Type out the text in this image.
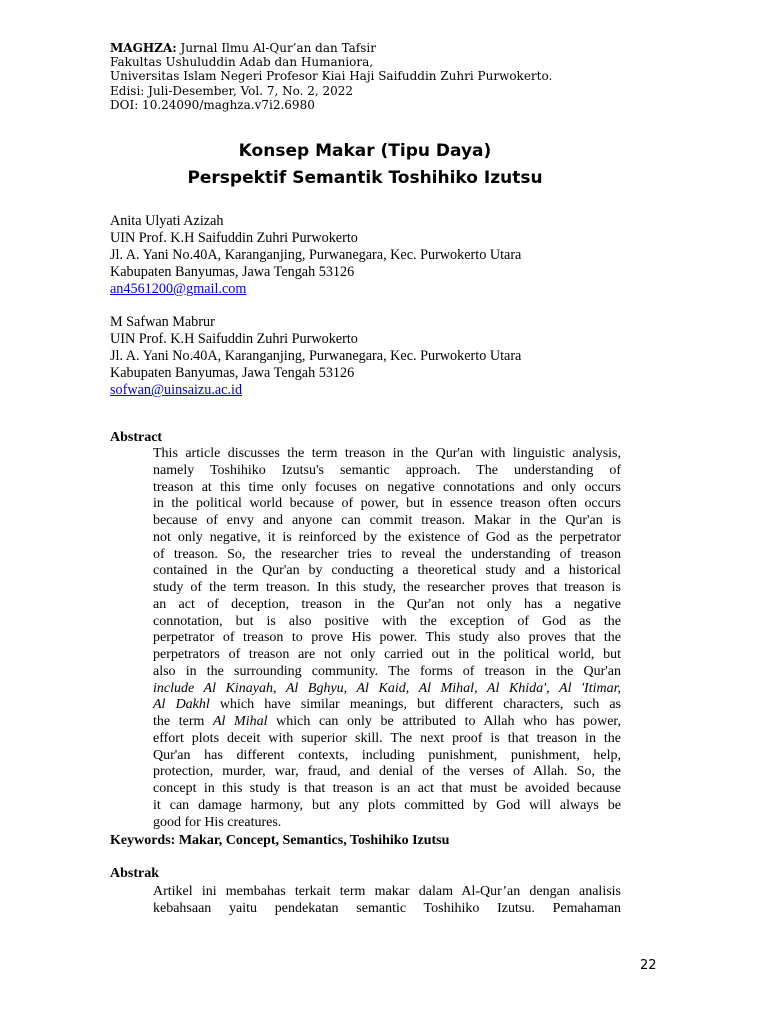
MAGHZA: Jurnal Ilmu Al-Qur’an dan Tafsir
Fakultas Ushuluddin Adab dan Humaniora,
Universitas Islam Negeri Profesor Kiai Haji Saifuddin Zuhri Purwokerto.
Edisi: Juli-Desember, Vol. 7, No. 2, 2022
DOI: 10.24090/maghza.v7i2.6980
Konsep Makar (Tipu Daya)
Perspektif Semantik Toshihiko Izutsu
Anita Ulyati Azizah
UIN Prof. K.H Saifuddin Zuhri Purwokerto
Jl. A. Yani No.40A, Karanganjing, Purwanegara, Kec. Purwokerto Utara
Kabupaten Banyumas, Jawa Tengah 53126
an4561200@gmail.com
M Safwan Mabrur
UIN Prof. K.H Saifuddin Zuhri Purwokerto
Jl. A. Yani No.40A, Karanganjing, Purwanegara, Kec. Purwokerto Utara
Kabupaten Banyumas, Jawa Tengah 53126
sofwan@uinsaizu.ac.id
Abstract
This article discusses the term treason in the Qur'an with linguistic analysis,
namely Toshihiko Izutsu's semantic approach. The understanding of
treason at this time only focuses on negative connotations and only occurs
in the political world because of power, but in essence treason often occurs
because of envy and anyone can commit treason. Makar in the Qur'an is
not only negative, it is reinforced by the existence of God as the perpetrator
of treason. So, the researcher tries to reveal the understanding of treason
contained in the Qur'an by conducting a theoretical study and a historical
study of the term treason. In this study, the researcher proves that treason is
an act of deception, treason in the Qur'an not only has a negative
connotation, but is also positive with the exception of God as the
perpetrator of treason to prove His power. This study also proves that the
perpetrators of treason are not only carried out in the political world, but
also in the surrounding community. The forms of treason in the Qur'an
include Al Kinayah, Al Bghyu, Al Kaid, Al Mihal, Al Khida', Al 'Itimar,
Al Dakhl which have similar meanings, but different characters, such as
the term Al Mihal which can only be attributed to Allah who has power,
effort plots deceit with superior skill. The next proof is that treason in the
Qur'an has different contexts, including punishment, punishment, help,
protection, murder, war, fraud, and denial of the verses of Allah. So, the
concept in this study is that treason is an act that must be avoided because
it can damage harmony, but any plots committed by God will always be
good for His creatures.
Keywords: Makar, Concept, Semantics, Toshihiko Izutsu
Abstrak
Artikel ini membahas terkait term makar dalam Al-Qur’an dengan analisis
kebahsaan yaitu pendekatan semantic Toshihiko Izutsu. Pemahaman
22
